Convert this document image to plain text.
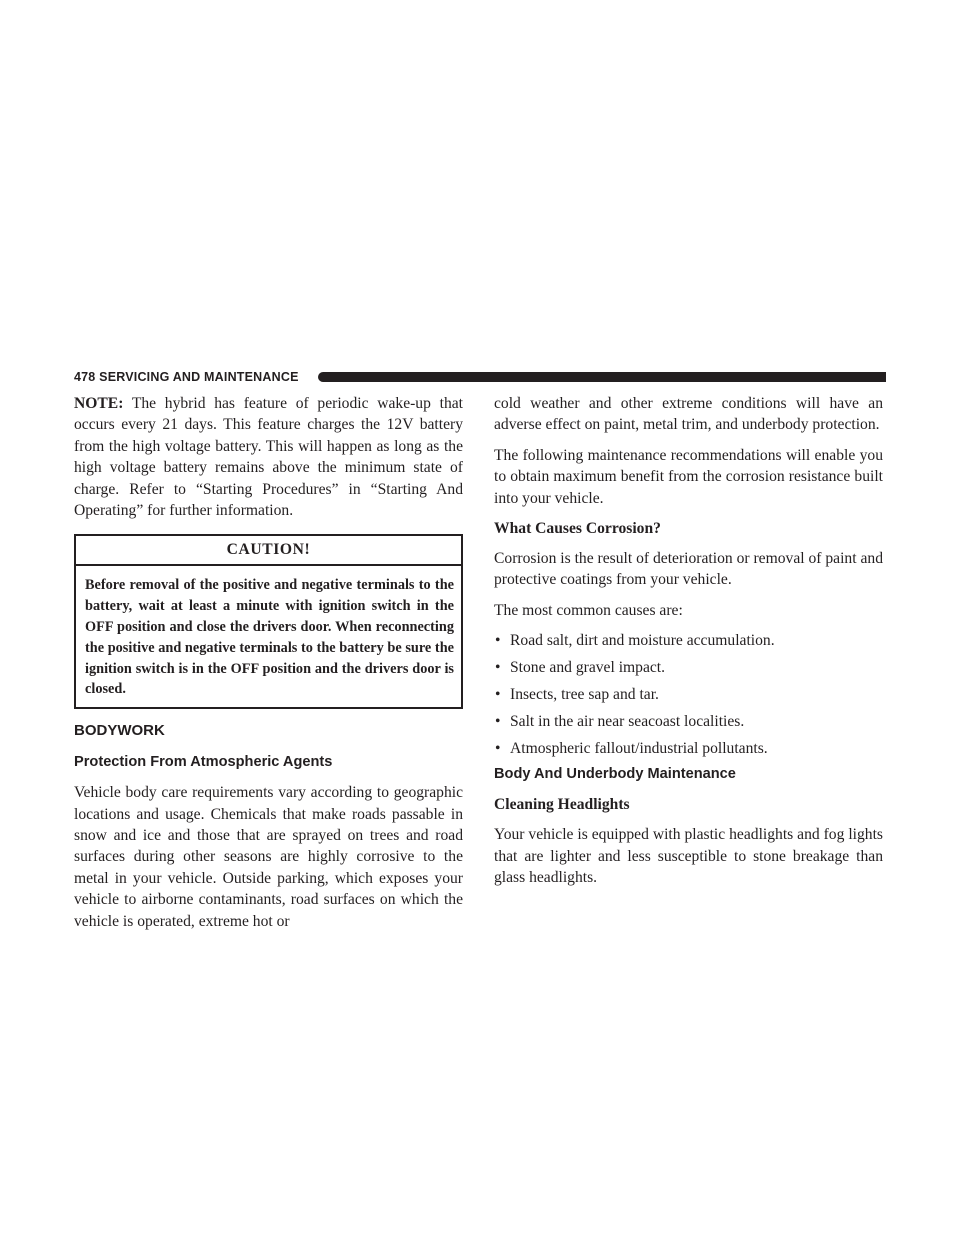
478 SERVICING AND MAINTENANCE

NOTE: The hybrid has feature of periodic wake-up that occurs every 21 days. This feature charges the 12V battery from the high voltage battery. This will happen as long as the high voltage battery remains above the minimum state of charge. Refer to “Starting Procedures” in “Starting And Operating” for further information.

CAUTION!
Before removal of the positive and negative terminals to the battery, wait at least a minute with ignition switch in the OFF position and close the drivers door. When reconnecting the positive and negative terminals to the battery be sure the ignition switch is in the OFF position and the drivers door is closed.
BODYWORK
Protection From Atmospheric Agents

Vehicle body care requirements vary according to geographic locations and usage. Chemicals that make roads passable in snow and ice and those that are sprayed on trees and road surfaces during other seasons are highly corrosive to the metal in your vehicle. Outside parking, which exposes your vehicle to airborne contaminants, road surfaces on which the vehicle is operated, extreme hot or

cold weather and other extreme conditions will have an adverse effect on paint, metal trim, and underbody protection.

The following maintenance recommendations will enable you to obtain maximum benefit from the corrosion resistance built into your vehicle.

What Causes Corrosion?

Corrosion is the result of deterioration or removal of paint and protective coatings from your vehicle.

The most common causes are:

• Road salt, dirt and moisture accumulation.
• Stone and gravel impact.
• Insects, tree sap and tar.
• Salt in the air near seacoast localities.
• Atmospheric fallout/industrial pollutants.
Body And Underbody Maintenance
Cleaning Headlights

Your vehicle is equipped with plastic headlights and fog lights that are lighter and less susceptible to stone breakage than glass headlights.
